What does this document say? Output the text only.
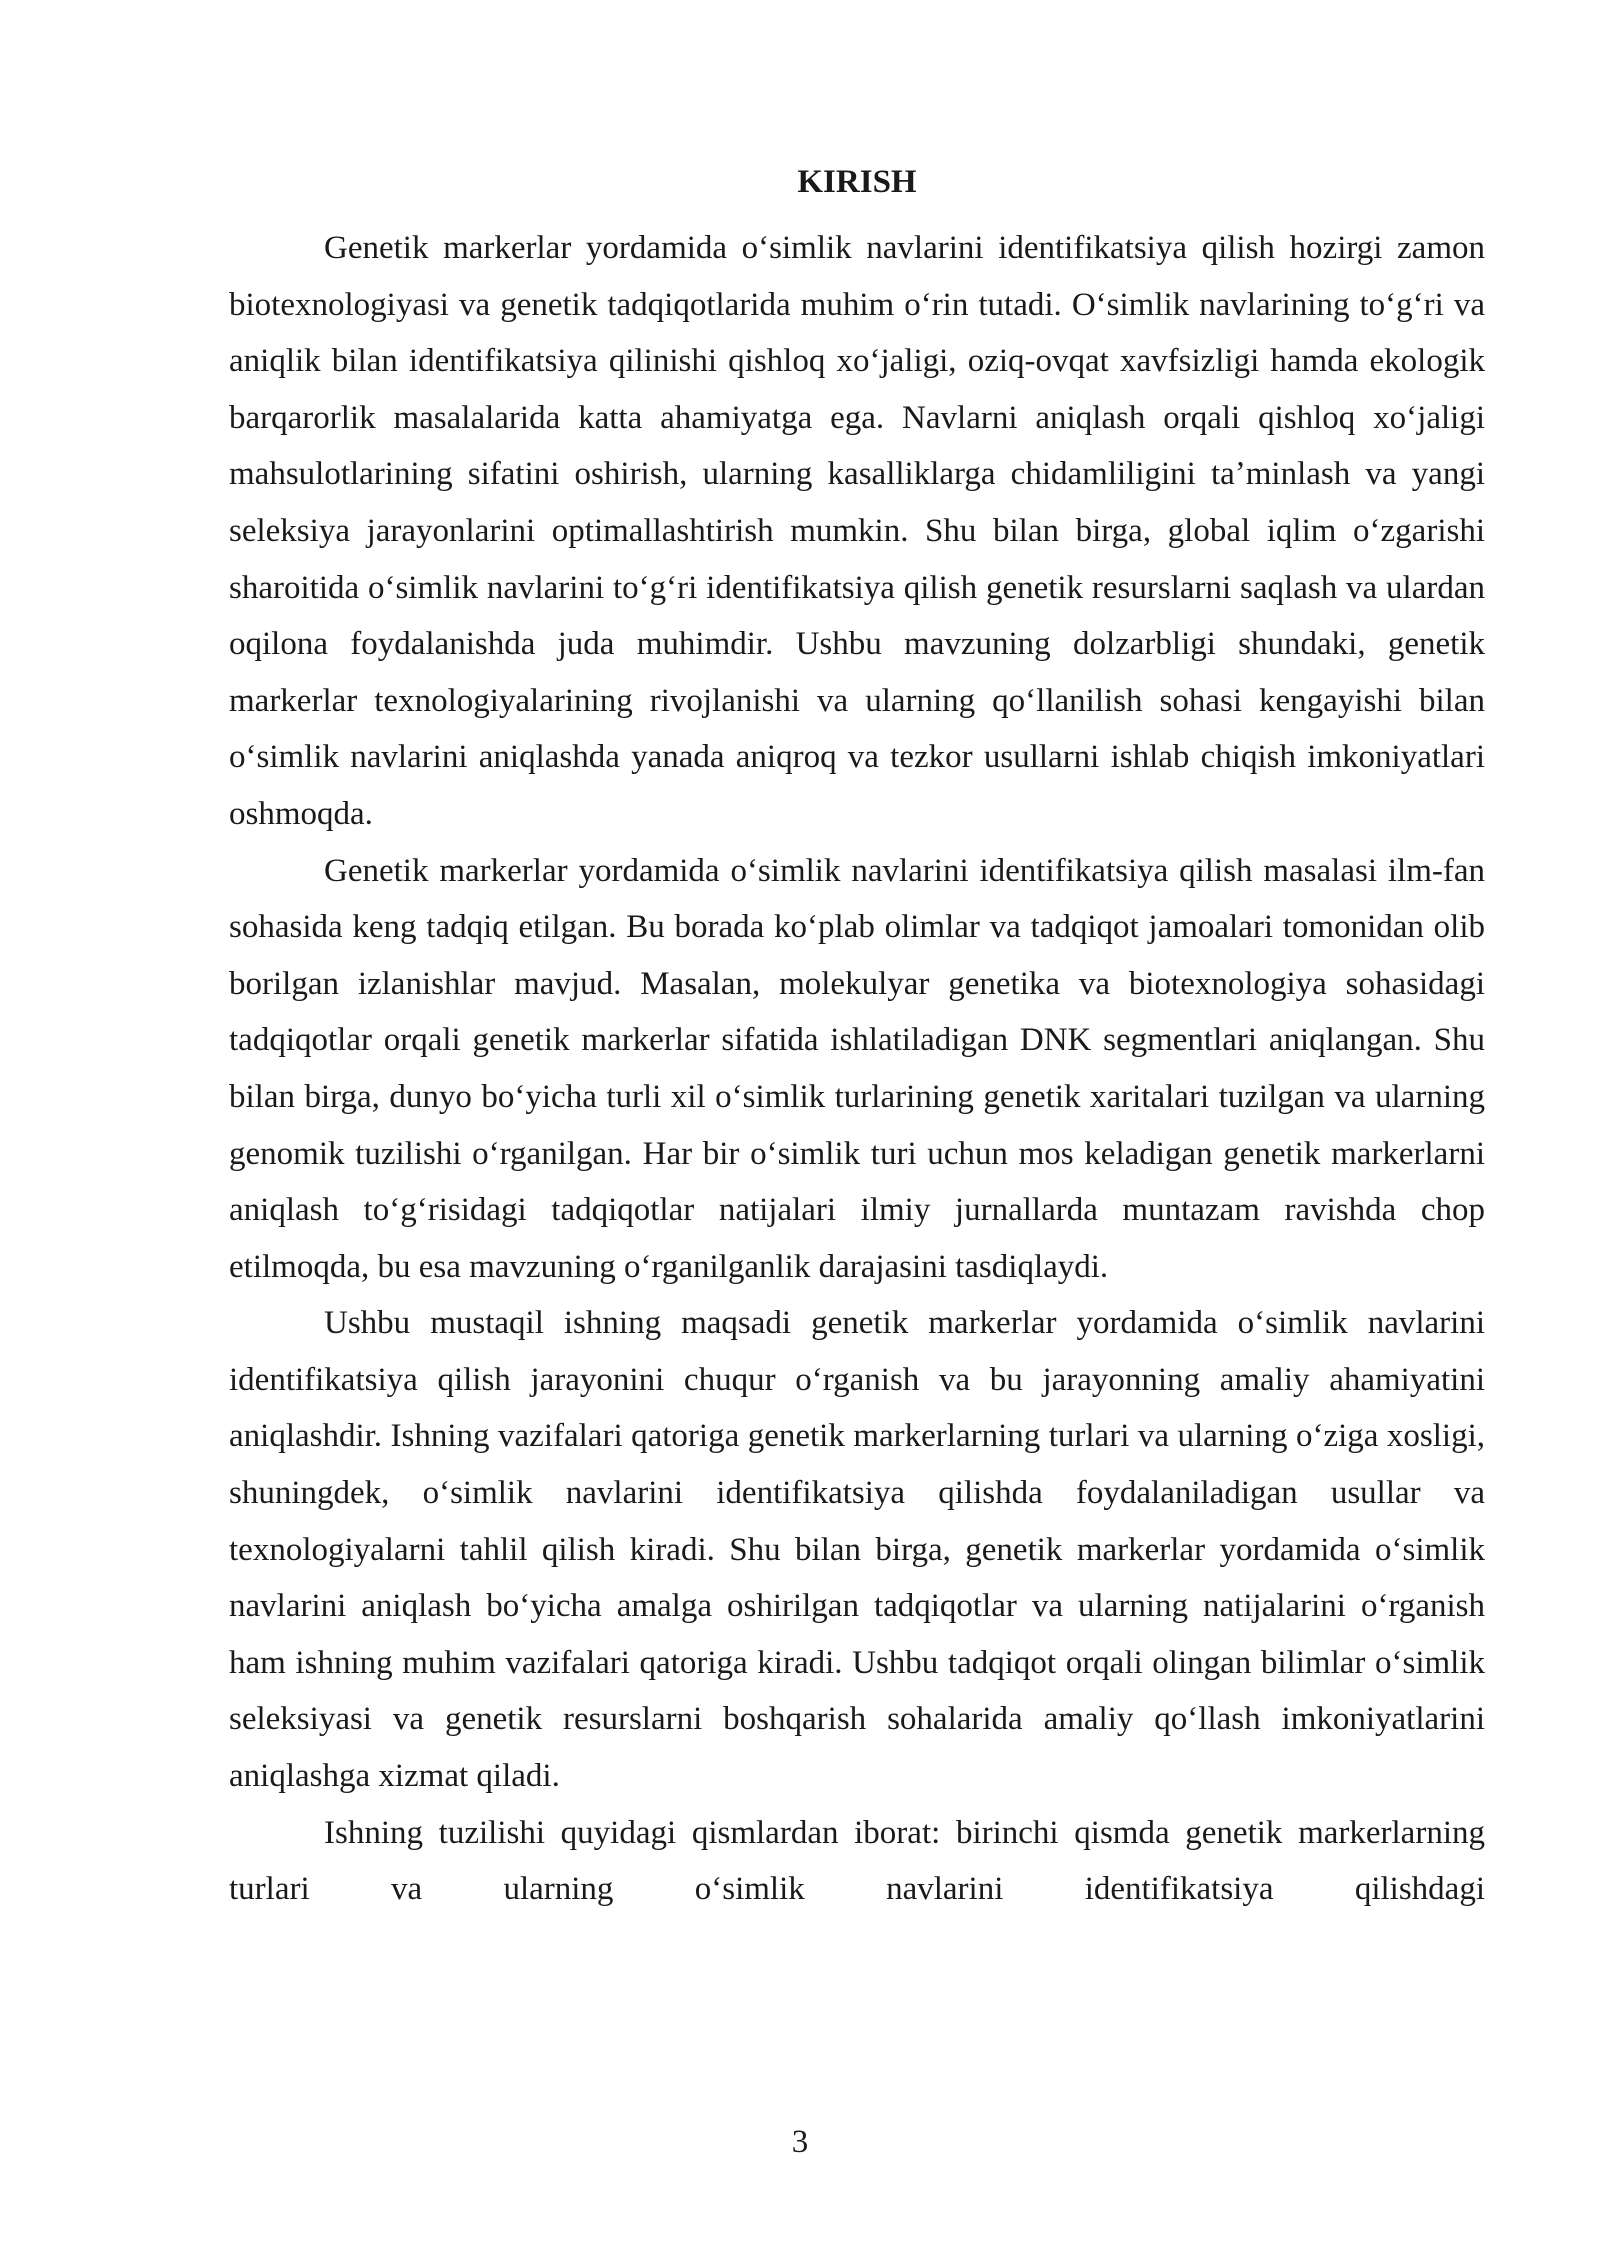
KIRISH

Genetik markerlar yordamida oʻsimlik navlarini identifikatsiya qilish hozirgi zamon biotexnologiyasi va genetik tadqiqotlarida muhim oʻrin tutadi. Oʻsimlik navlarining toʻgʻri va aniqlik bilan identifikatsiya qilinishi qishloq xoʻjaligi, oziq-ovqat xavfsizligi hamda ekologik barqarorlik masalalarida katta ahamiyatga ega. Navlarni aniqlash orqali qishloq xoʻjaligi mahsulotlarining sifatini oshirish, ularning kasalliklarga chidamliligini taʼminlash va yangi seleksiya jarayonlarini optimallashtirish mumkin. Shu bilan birga, global iqlim oʻzgarishi sharoitida oʻsimlik navlarini toʻgʻri identifikatsiya qilish genetik resurslarni saqlash va ulardan oqilona foydalanishda juda muhimdir. Ushbu mavzuning dolzarbligi shundaki, genetik markerlar texnologiyalarining rivojlanishi va ularning qoʻllanilish sohasi kengayishi bilan oʻsimlik navlarini aniqlashda yanada aniqroq va tezkor usullarni ishlab chiqish imkoniyatlari oshmoqda.

Genetik markerlar yordamida oʻsimlik navlarini identifikatsiya qilish masalasi ilm-fan sohasida keng tadqiq etilgan. Bu borada koʻplab olimlar va tadqiqot jamoalari tomonidan olib borilgan izlanishlar mavjud. Masalan, molekulyar genetika va biotexnologiya sohasidagi tadqiqotlar orqali genetik markerlar sifatida ishlatiladigan DNK segmentlari aniqlangan. Shu bilan birga, dunyo boʻyicha turli xil oʻsimlik turlarining genetik xaritalari tuzilgan va ularning genomik tuzilishi oʻrganilgan. Har bir oʻsimlik turi uchun mos keladigan genetik markerlarni aniqlash toʻgʻrisidagi tadqiqotlar natijalari ilmiy jurnallarda muntazam ravishda chop etilmoqda, bu esa mavzuning oʻrganilganlik darajasini tasdiqlaydi.

Ushbu mustaqil ishning maqsadi genetik markerlar yordamida oʻsimlik navlarini identifikatsiya qilish jarayonini chuqur oʻrganish va bu jarayonning amaliy ahamiyatini aniqlashdir. Ishning vazifalari qatoriga genetik markerlarning turlari va ularning oʻziga xosligi, shuningdek, oʻsimlik navlarini identifikatsiya qilishda foydalaniladigan usullar va texnologiyalarni tahlil qilish kiradi. Shu bilan birga, genetik markerlar yordamida oʻsimlik navlarini aniqlash boʻyicha amalga oshirilgan tadqiqotlar va ularning natijalarini oʻrganish ham ishning muhim vazifalari qatoriga kiradi. Ushbu tadqiqot orqali olingan bilimlar oʻsimlik seleksiyasi va genetik resurslarni boshqarish sohalarida amaliy qoʻllash imkoniyatlarini aniqlashga xizmat qiladi.

Ishning tuzilishi quyidagi qismlardan iborat: birinchi qismda genetik markerlarning turlari va ularning oʻsimlik navlarini identifikatsiya qilishdagi

3
